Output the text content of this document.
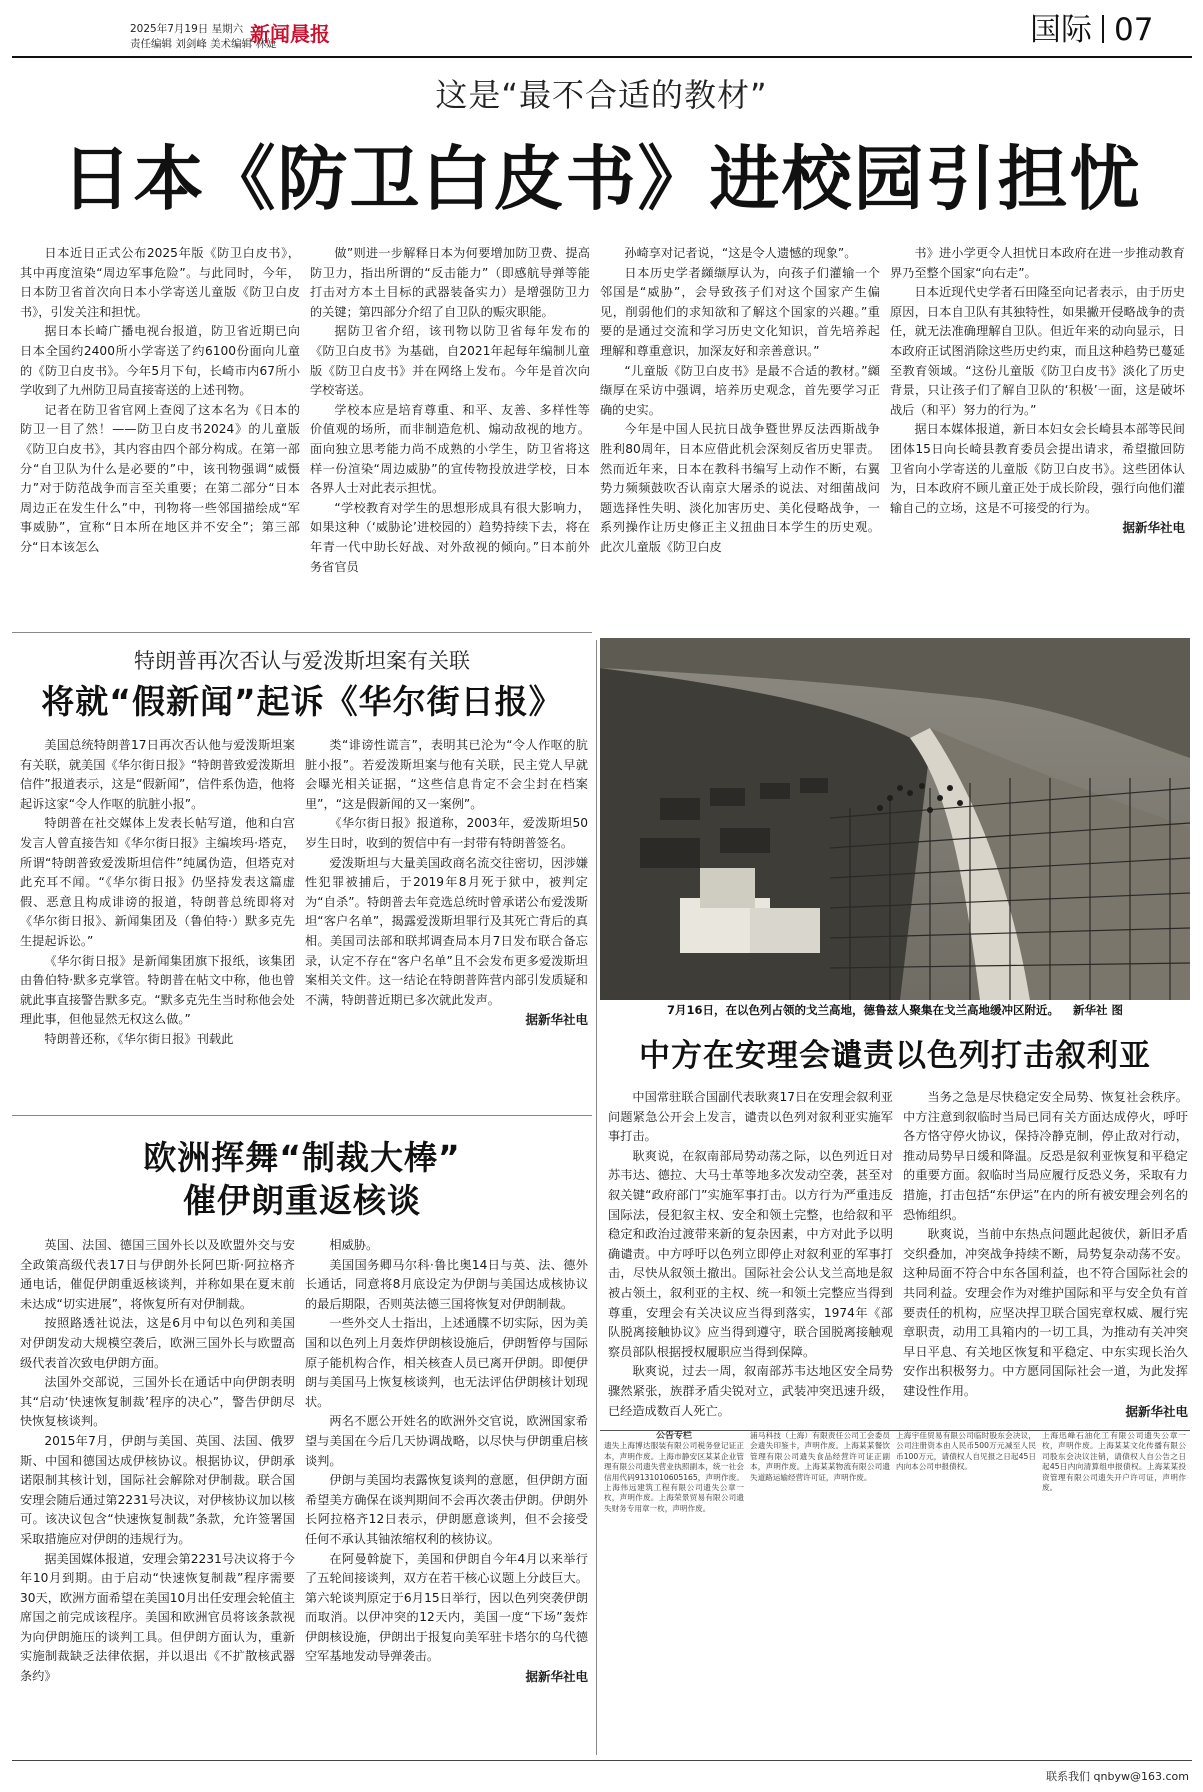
2025年7月19日 星期六
责任编辑 刘剑峰 美术编辑 林婕
新闻晨报	国际 07
这是“最不合适的教材”
日本《防卫白皮书》进校园引担忧

日本近日正式公布2025年版《防卫白皮书》，其中再度渲染“周边军事危险”。与此同时，今年，日本防卫省首次向日本小学寄送儿童版《防卫白皮书》，引发关注和担忧。

据日本长崎广播电视台报道，防卫省近期已向日本全国约2400所小学寄送了约6100份面向儿童的《防卫白皮书》。今年5月下旬，长崎市内67所小学收到了九州防卫局直接寄送的上述刊物。

记者在防卫省官网上查阅了这本名为《日本的防卫一目了然！——防卫白皮书2024》的儿童版《防卫白皮书》，其内容由四个部分构成。在第一部分“自卫队为什么是必要的”中，该刊物强调“威慑力”对于防范战争而言至关重要；在第二部分“日本周边正在发生什么”中，刊物将一些邻国描绘成“军事威胁”，宣称“日本所在地区并不安全”；第三部分“日本该怎么

做”则进一步解释日本为何要增加防卫费、提高防卫力，指出所谓的“反击能力”（即感航导弹等能打击对方本土目标的武器装备实力）是增强防卫力的关键；第四部分介绍了自卫队的赈灾职能。

据防卫省介绍，该刊物以防卫省每年发布的《防卫白皮书》为基础，自2021年起每年编制儿童版《防卫白皮书》并在网络上发布。今年是首次向学校寄送。

学校本应是培育尊重、和平、友善、多样性等价值观的场所，而非制造危机、煽动敌视的地方。面向独立思考能力尚不成熟的小学生，防卫省将这样一份渲染“周边威胁”的宣传物投放进学校，日本各界人士对此表示担忧。

“学校教育对学生的思想形成具有很大影响力，如果这种（‘威胁论’进校园的）趋势持续下去，将在年青一代中助长好战、对外敌视的倾向。”日本前外务省官员

孙崎享对记者说，“这是令人遗憾的现象”。

日本历史学者纐缬厚认为，向孩子们灌输一个邻国是“威胁”，会导致孩子们对这个国家产生偏见，削弱他们的求知欲和了解这个国家的兴趣。”重要的是通过交流和学习历史文化知识，首先培养起理解和尊重意识，加深友好和亲善意识。”

“儿童版《防卫白皮书》是最不合适的教材。”纐缬厚在采访中强调，培养历史观念，首先要学习正确的史实。

今年是中国人民抗日战争暨世界反法西斯战争胜利80周年，日本应借此机会深刻反省历史罪责。然而近年来，日本在教科书编写上动作不断，右翼势力频频鼓吹否认南京大屠杀的说法、对细菌战问题选择性失明、淡化加害历史、美化侵略战争，一系列操作让历史修正主义扭曲日本学生的历史观。此次儿童版《防卫白皮

书》进小学更令人担忧日本政府在进一步推动教育界乃至整个国家“向右走”。

日本近现代史学者石田隆至向记者表示，由于历史原因，日本自卫队有其独特性，如果撇开侵略战争的责任，就无法准确理解自卫队。但近年来的动向显示，日本政府正试图消除这些历史约束，而且这种趋势已蔓延至教育领域。“这份儿童版《防卫白皮书》淡化了历史背景，只让孩子们了解自卫队的‘积极’一面，这是破坏战后（和平）努力的行为。”

据日本媒体报道，新日本妇女会长崎县本部等民间团体15日向长崎县教育委员会提出请求，希望撤回防卫省向小学寄送的儿童版《防卫白皮书》。这些团体认为，日本政府不顾儿童正处于成长阶段，强行向他们灌输自己的立场，这是不可接受的行为。

据新华社电

特朗普再次否认与爱泼斯坦案有关联
将就“假新闻”起诉《华尔街日报》

美国总统特朗普17日再次否认他与爱泼斯坦案有关联，就美国《华尔街日报》“特朗普致爱泼斯坦信件”报道表示，这是“假新闻”，信件系伪造，他将起诉这家“令人作呕的肮脏小报”。

特朗普在社交媒体上发表长帖写道，他和白宫发言人曾直接告知《华尔街日报》主编埃玛·塔克，所谓“特朗普致爱泼斯坦信件”纯属伪造，但塔克对此充耳不闻。“《华尔街日报》仍坚持发表这篇虚假、恶意且构成诽谤的报道，特朗普总统即将对《华尔街日报》、新闻集团及（鲁伯特·）默多克先生提起诉讼。”

《华尔街日报》是新闻集团旗下报纸，该集团由鲁伯特·默多克掌管。特朗普在帖文中称，他也曾就此事直接警告默多克。“默多克先生当时称他会处理此事，但他显然无权这么做。”

特朗普还称，《华尔街日报》刊载此

类“诽谤性谎言”，表明其已沦为“令人作呕的肮脏小报”。若爱泼斯坦案与他有关联，民主党人早就会曝光相关证据，“这些信息肯定不会尘封在档案里”，“这是假新闻的又一案例”。

《华尔街日报》报道称，2003年，爱泼斯坦50岁生日时，收到的贺信中有一封带有特朗普签名。

爱泼斯坦与大量美国政商名流交往密切，因涉嫌性犯罪被捕后，于2019年8月死于狱中，被判定为“自杀”。特朗普去年竞选总统时曾承诺公布爱泼斯坦“客户名单”，揭露爱泼斯坦罪行及其死亡背后的真相。美国司法部和联邦调查局本月7日发布联合备忘录，认定不存在“客户名单”且不会发布更多爱泼斯坦案相关文件。这一结论在特朗普阵营内部引发质疑和不满，特朗普近期已多次就此发声。

据新华社电

欧洲挥舞“制裁大棒”
催伊朗重返核谈

英国、法国、德国三国外长以及欧盟外交与安全政策高级代表17日与伊朗外长阿巴斯·阿拉格齐通电话，催促伊朗重返核谈判，并称如果在夏末前未达成“切实进展”，将恢复所有对伊制裁。

按照路透社说法，这是6月中旬以色列和美国对伊朗发动大规模空袭后，欧洲三国外长与欧盟高级代表首次致电伊朗方面。

法国外交部说，三国外长在通话中向伊朗表明其“启动‘快速恢复制裁’程序的决心”，警告伊朗尽快恢复核谈判。

2015年7月，伊朗与美国、英国、法国、俄罗斯、中国和德国达成伊核协议。根据协议，伊朗承诺限制其核计划，国际社会解除对伊制裁。联合国安理会随后通过第2231号决议，对伊核协议加以核可。该决议包含“快速恢复制裁”条款，允许签署国采取措施应对伊朗的违规行为。

据美国媒体报道，安理会第2231号决议将于今年10月到期。由于启动“快速恢复制裁”程序需要30天，欧洲方面希望在美国10月出任安理会轮值主席国之前完成该程序。美国和欧洲官员将该条款视为向伊朗施压的谈判工具。但伊朗方面认为，重新实施制裁缺乏法律依据，并以退出《不扩散核武器条约》

相威胁。

美国国务卿马尔科·鲁比奥14日与英、法、德外长通话，同意将8月底设定为伊朗与美国达成核协议的最后期限，否则英法德三国将恢复对伊朗制裁。

一些外交人士指出，上述通牒不切实际，因为美国和以色列上月轰炸伊朗核设施后，伊朗暂停与国际原子能机构合作，相关核查人员已离开伊朗。即便伊朗与美国马上恢复核谈判，也无法评估伊朗核计划现状。

两名不愿公开姓名的欧洲外交官说，欧洲国家希望与美国在今后几天协调战略，以尽快与伊朗重启核谈判。

伊朗与美国均表露恢复谈判的意愿，但伊朗方面希望美方确保在谈判期间不会再次袭击伊朗。伊朗外长阿拉格齐12日表示，伊朗愿意谈判，但不会接受任何不承认其铀浓缩权利的核协议。

在阿曼斡旋下，美国和伊朗自今年4月以来举行了五轮间接谈判，双方在若干核心议题上分歧巨大。第六轮谈判原定于6月15日举行，因以色列突袭伊朗而取消。以伊冲突的12天内，美国一度“下场”轰炸伊朗核设施，伊朗出于报复向美军驻卡塔尔的乌代德空军基地发动导弹袭击。

据新华社电

7月16日，在以色列占领的戈兰高地，德鲁兹人聚集在戈兰高地缓冲区附近。 新华社 图
中方在安理会谴责以色列打击叙利亚

中国常驻联合国副代表耿爽17日在安理会叙利亚问题紧急公开会上发言，谴责以色列对叙利亚实施军事打击。

耿爽说，在叙南部局势动荡之际，以色列近日对苏韦达、德拉、大马士革等地多次发动空袭，甚至对叙关键“政府部门”实施军事打击。以方行为严重违反国际法，侵犯叙主权、安全和领土完整，也给叙和平稳定和政治过渡带来新的复杂因素，中方对此予以明确谴责。中方呼吁以色列立即停止对叙利亚的军事打击，尽快从叙领土撤出。国际社会公认戈兰高地是叙被占领土，叙利亚的主权、统一和领土完整应当得到尊重，安理会有关决议应当得到落实，1974年《部队脱离接触协议》应当得到遵守，联合国脱离接触观察员部队根据授权履职应当得到保障。

耿爽说，过去一周，叙南部苏韦达地区安全局势骤然紧张，族群矛盾尖锐对立，武装冲突迅速升级，已经造成数百人死亡。

当务之急是尽快稳定安全局势、恢复社会秩序。中方注意到叙临时当局已同有关方面达成停火，呼吁各方恪守停火协议，保持冷静克制，停止敌对行动，推动局势早日缓和降温。反恐是叙利亚恢复和平稳定的重要方面。叙临时当局应履行反恐义务，采取有力措施，打击包括“东伊运”在内的所有被安理会列名的恐怖组织。

耿爽说，当前中东热点问题此起彼伏，新旧矛盾交织叠加，冲突战争持续不断，局势复杂动荡不安。这种局面不符合中东各国利益，也不符合国际社会的共同利益。安理会作为对维护国际和平与安全负有首要责任的机构，应坚决捍卫联合国宪章权威、履行宪章职责，动用工具箱内的一切工具，为推动有关冲突早日平息、有关地区恢复和平稳定、中东实现长治久安作出积极努力。中方愿同国际社会一道，为此发挥建设性作用。

据新华社电

公告专栏
遗失上海博达服装有限公司税务登记证正本，声明作废。上海市静安区某某企业管理有限公司遗失营业执照副本，统一社会信用代码9131010605165，声明作废。上海伟远建筑工程有限公司遗失公章一枚，声明作废。上海荣景贸易有限公司遗失财务专用章一枚，声明作废。
浦马科技（上海）有限责任公司工会委员会遗失印鉴卡，声明作废。上海某某餐饮管理有限公司遗失食品经营许可证正副本，声明作废。上海某某物流有限公司遗失道路运输经营许可证，声明作废。
上海宇佳贸易有限公司临时股东会决议，公司注册资本由人民币500万元减至人民币100万元，请债权人自见报之日起45日内向本公司申报债权。
上海迅峰石油化工有限公司遗失公章一枚，声明作废。上海某某文化传播有限公司股东会决议注销，请债权人自公告之日起45日内向清算组申报债权。上海某某投资管理有限公司遗失开户许可证，声明作废。
联系我们 qnbyw@163.com
